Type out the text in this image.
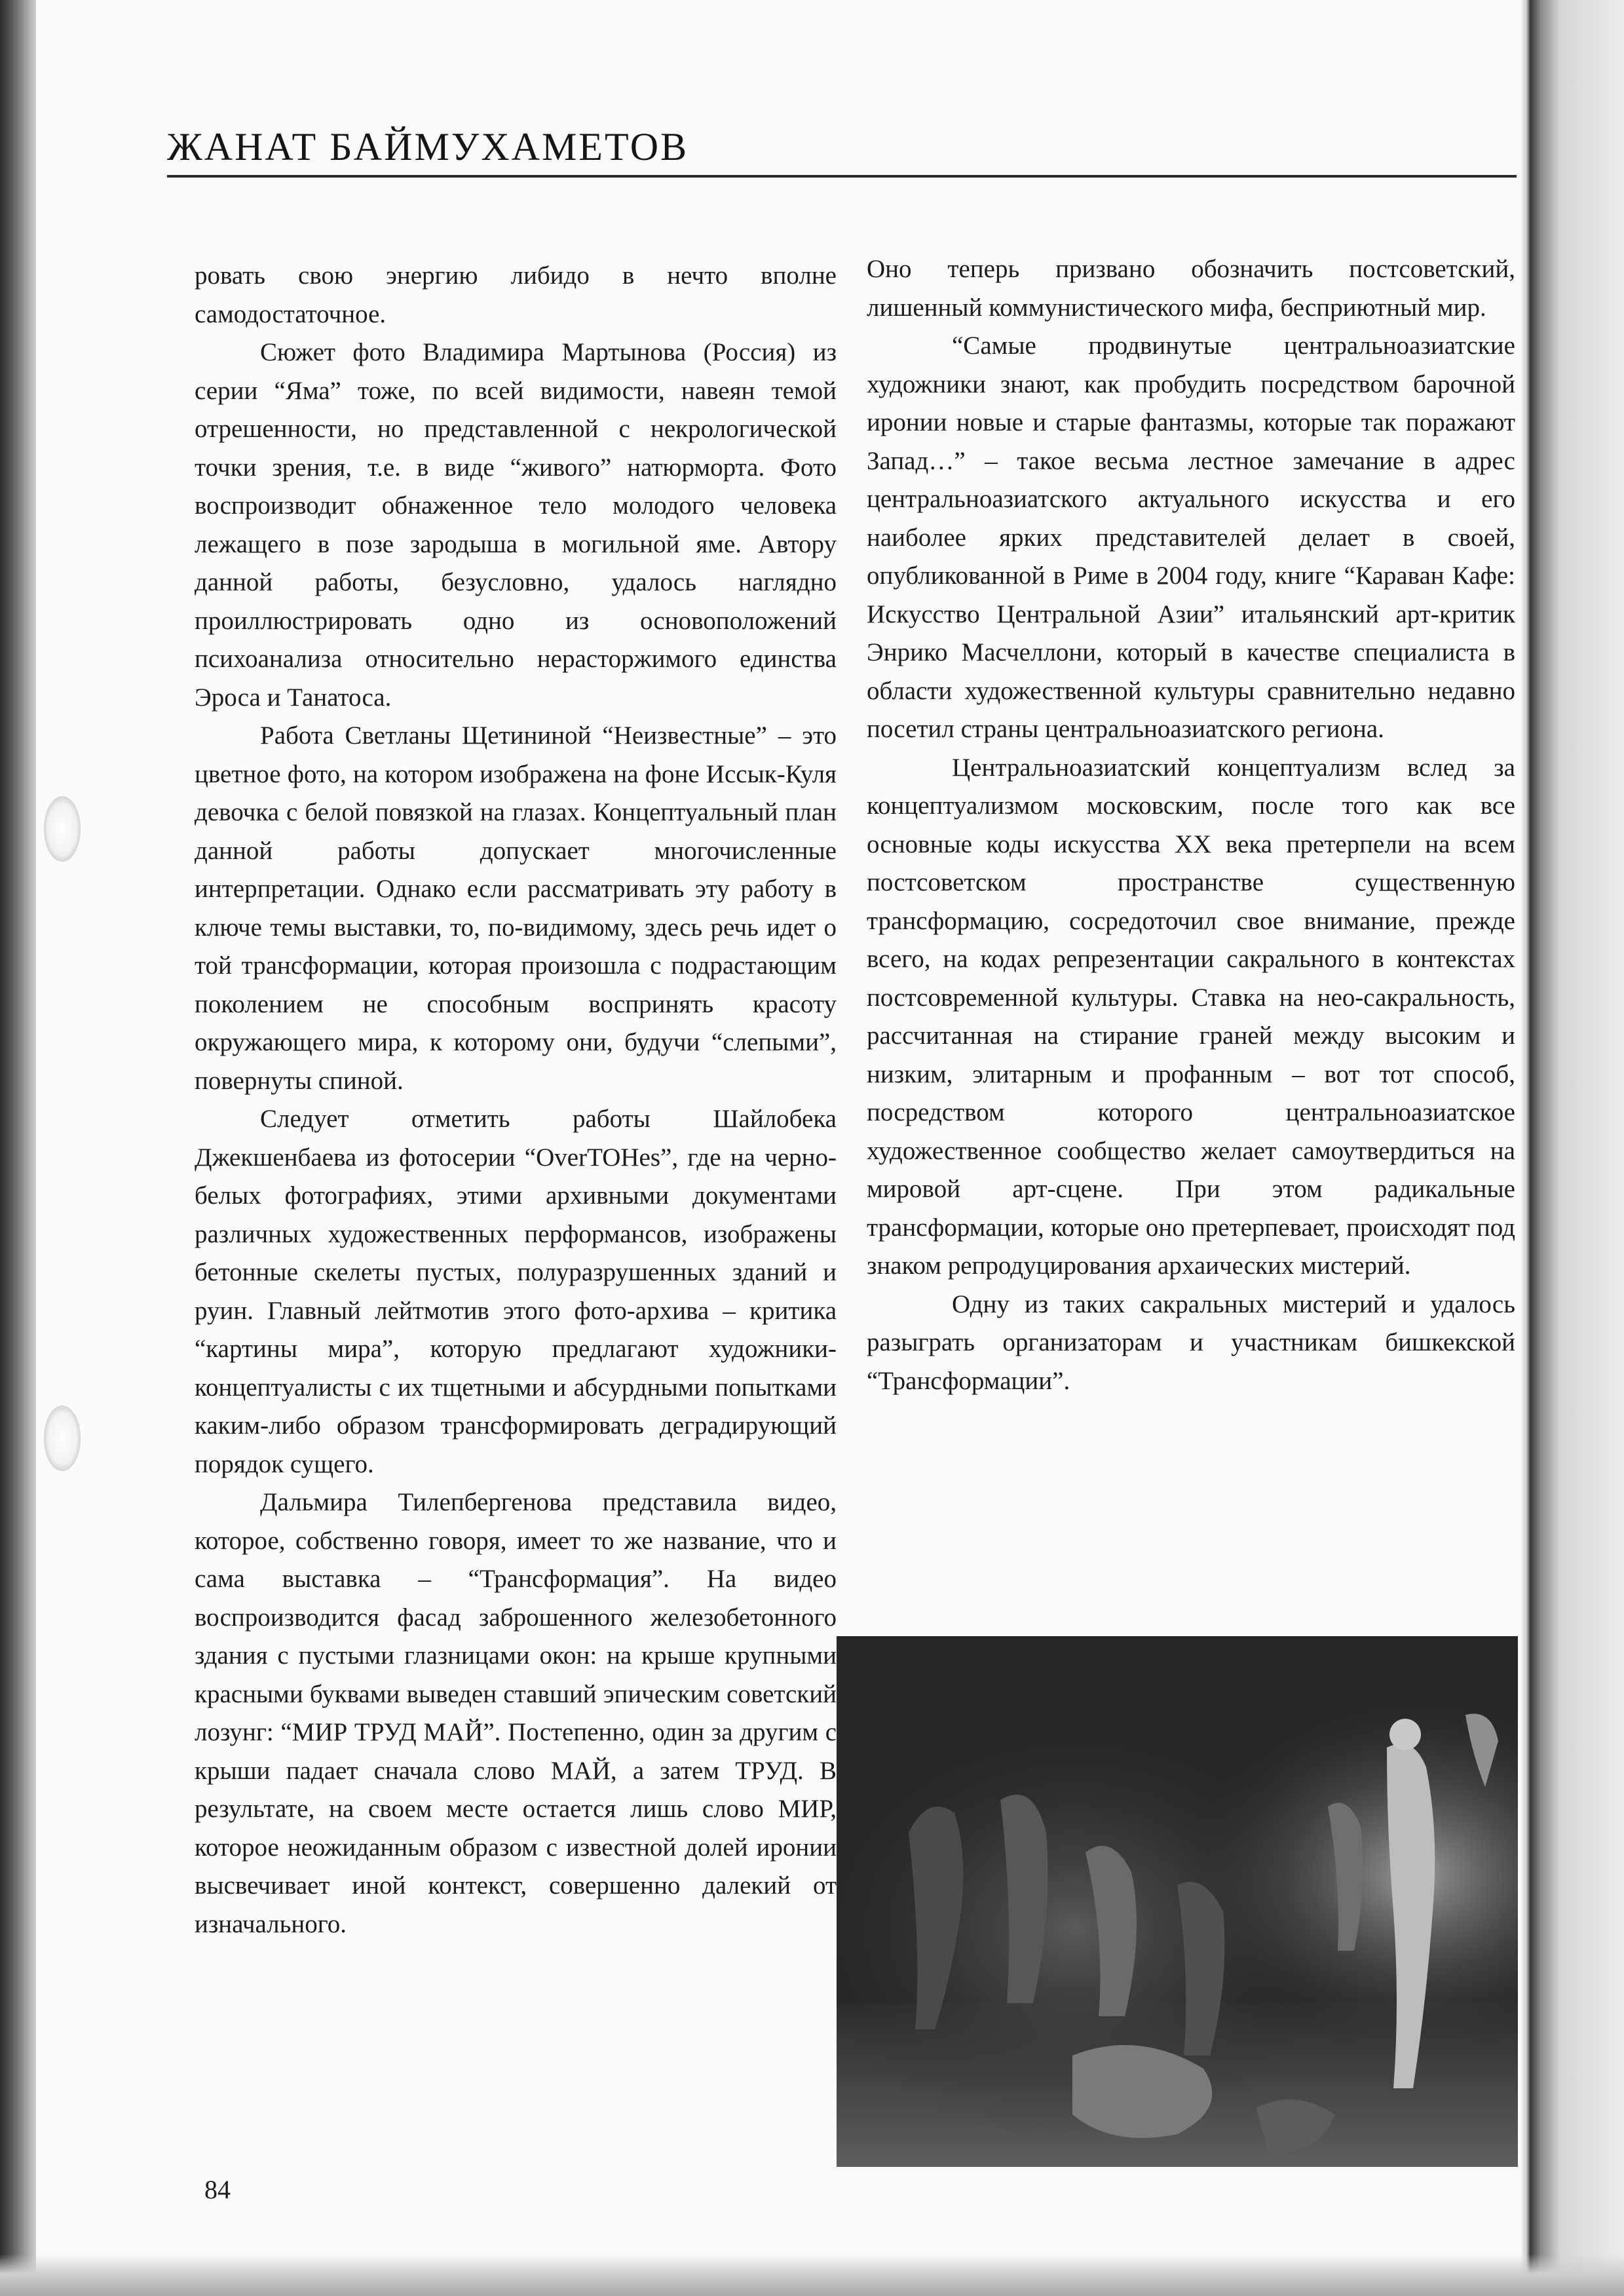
ЖАНАТ БАЙМУХАМЕТОВ

ровать свою энергию либидо в нечто вполне самодостаточное.

Сюжет фото Владимира Мартынова (Россия) из серии “Яма” тоже, по всей видимости, навеян темой отрешенности, но представленной с некрологической точки зрения, т.е. в виде “живого” натюрморта. Фото воспроизводит обнаженное тело молодого человека лежащего в позе зародыша в могильной яме. Автору данной работы, безусловно, удалось наглядно проиллюстрировать одно из основоположений психоанализа относительно нерасторжимого единства Эроса и Танатоса.

Работа Светланы Щетининой “Неизвестные” – это цветное фото, на котором изображена на фоне Иссык-Куля девочка с белой повязкой на глазах. Концептуальный план данной работы допускает многочисленные интерпретации. Однако если рассматривать эту работу в ключе темы выставки, то, по-видимому, здесь речь идет о той трансформации, которая произошла с подрастающим поколением не способным воспринять красоту окружающего мира, к которому они, будучи “слепыми”, повернуты спиной.

Следует отметить работы Шайлобека Джекшенбаева из фотосерии “OverTOHes”, где на черно-белых фотографиях, этими архивными документами различных художественных перформансов, изображены бетонные скелеты пустых, полуразрушенных зданий и руин. Главный лейтмотив этого фото-архива – критика “картины мира”, которую предлагают художники-концептуалисты с их тщетными и абсурдными попытками каким-либо образом трансформировать деградирующий порядок сущего.

Дальмира Тилепбергенова представила видео, которое, собственно говоря, имеет то же название, что и сама выставка – “Трансформация”. На видео воспроизводится фасад заброшенного железобетонного здания с пустыми глазницами окон: на крыше крупными красными буквами выведен ставший эпическим советский лозунг: “МИР ТРУД МАЙ”. Постепенно, один за другим с крыши падает сначала слово МАЙ, а затем ТРУД. В результате, на своем месте остается лишь слово МИР, которое неожиданным образом с известной долей иронии высвечивает иной контекст, совершенно далекий от изначального.

Оно теперь призвано обозначить постсоветский, лишенный коммунистического мифа, бесприютный мир.

“Самые продвинутые центральноазиатские художники знают, как пробудить посредством барочной иронии новые и старые фантазмы, которые так поражают Запад…” – такое весьма лестное замечание в адрес центральноазиатского актуального искусства и его наиболее ярких представителей делает в своей, опубликованной в Риме в 2004 году, книге “Караван Кафе: Искусство Центральной Азии” итальянский арт-критик Энрико Масчеллони, который в качестве специалиста в области художественной культуры сравнительно недавно посетил страны центральноазиатского региона.

Центральноазиатский концептуализм вслед за концептуализмом московским, после того как все основные коды искусства XX века претерпели на всем постсоветском пространстве существенную трансформацию, сосредоточил свое внимание, прежде всего, на кодах репрезентации сакрального в контекстах постсовременной культуры. Ставка на нео-сакральность, рассчитанная на стирание граней между высоким и низким, элитарным и профанным – вот тот способ, посредством которого центральноазиатское художественное сообщество желает самоутвердиться на мировой арт-сцене. При этом радикальные трансформации, которые оно претерпевает, происходят под знаком репродуцирования архаических мистерий.

Одну из таких сакральных мистерий и удалось разыграть организаторам и участникам бишкекской “Трансформации”.

84
